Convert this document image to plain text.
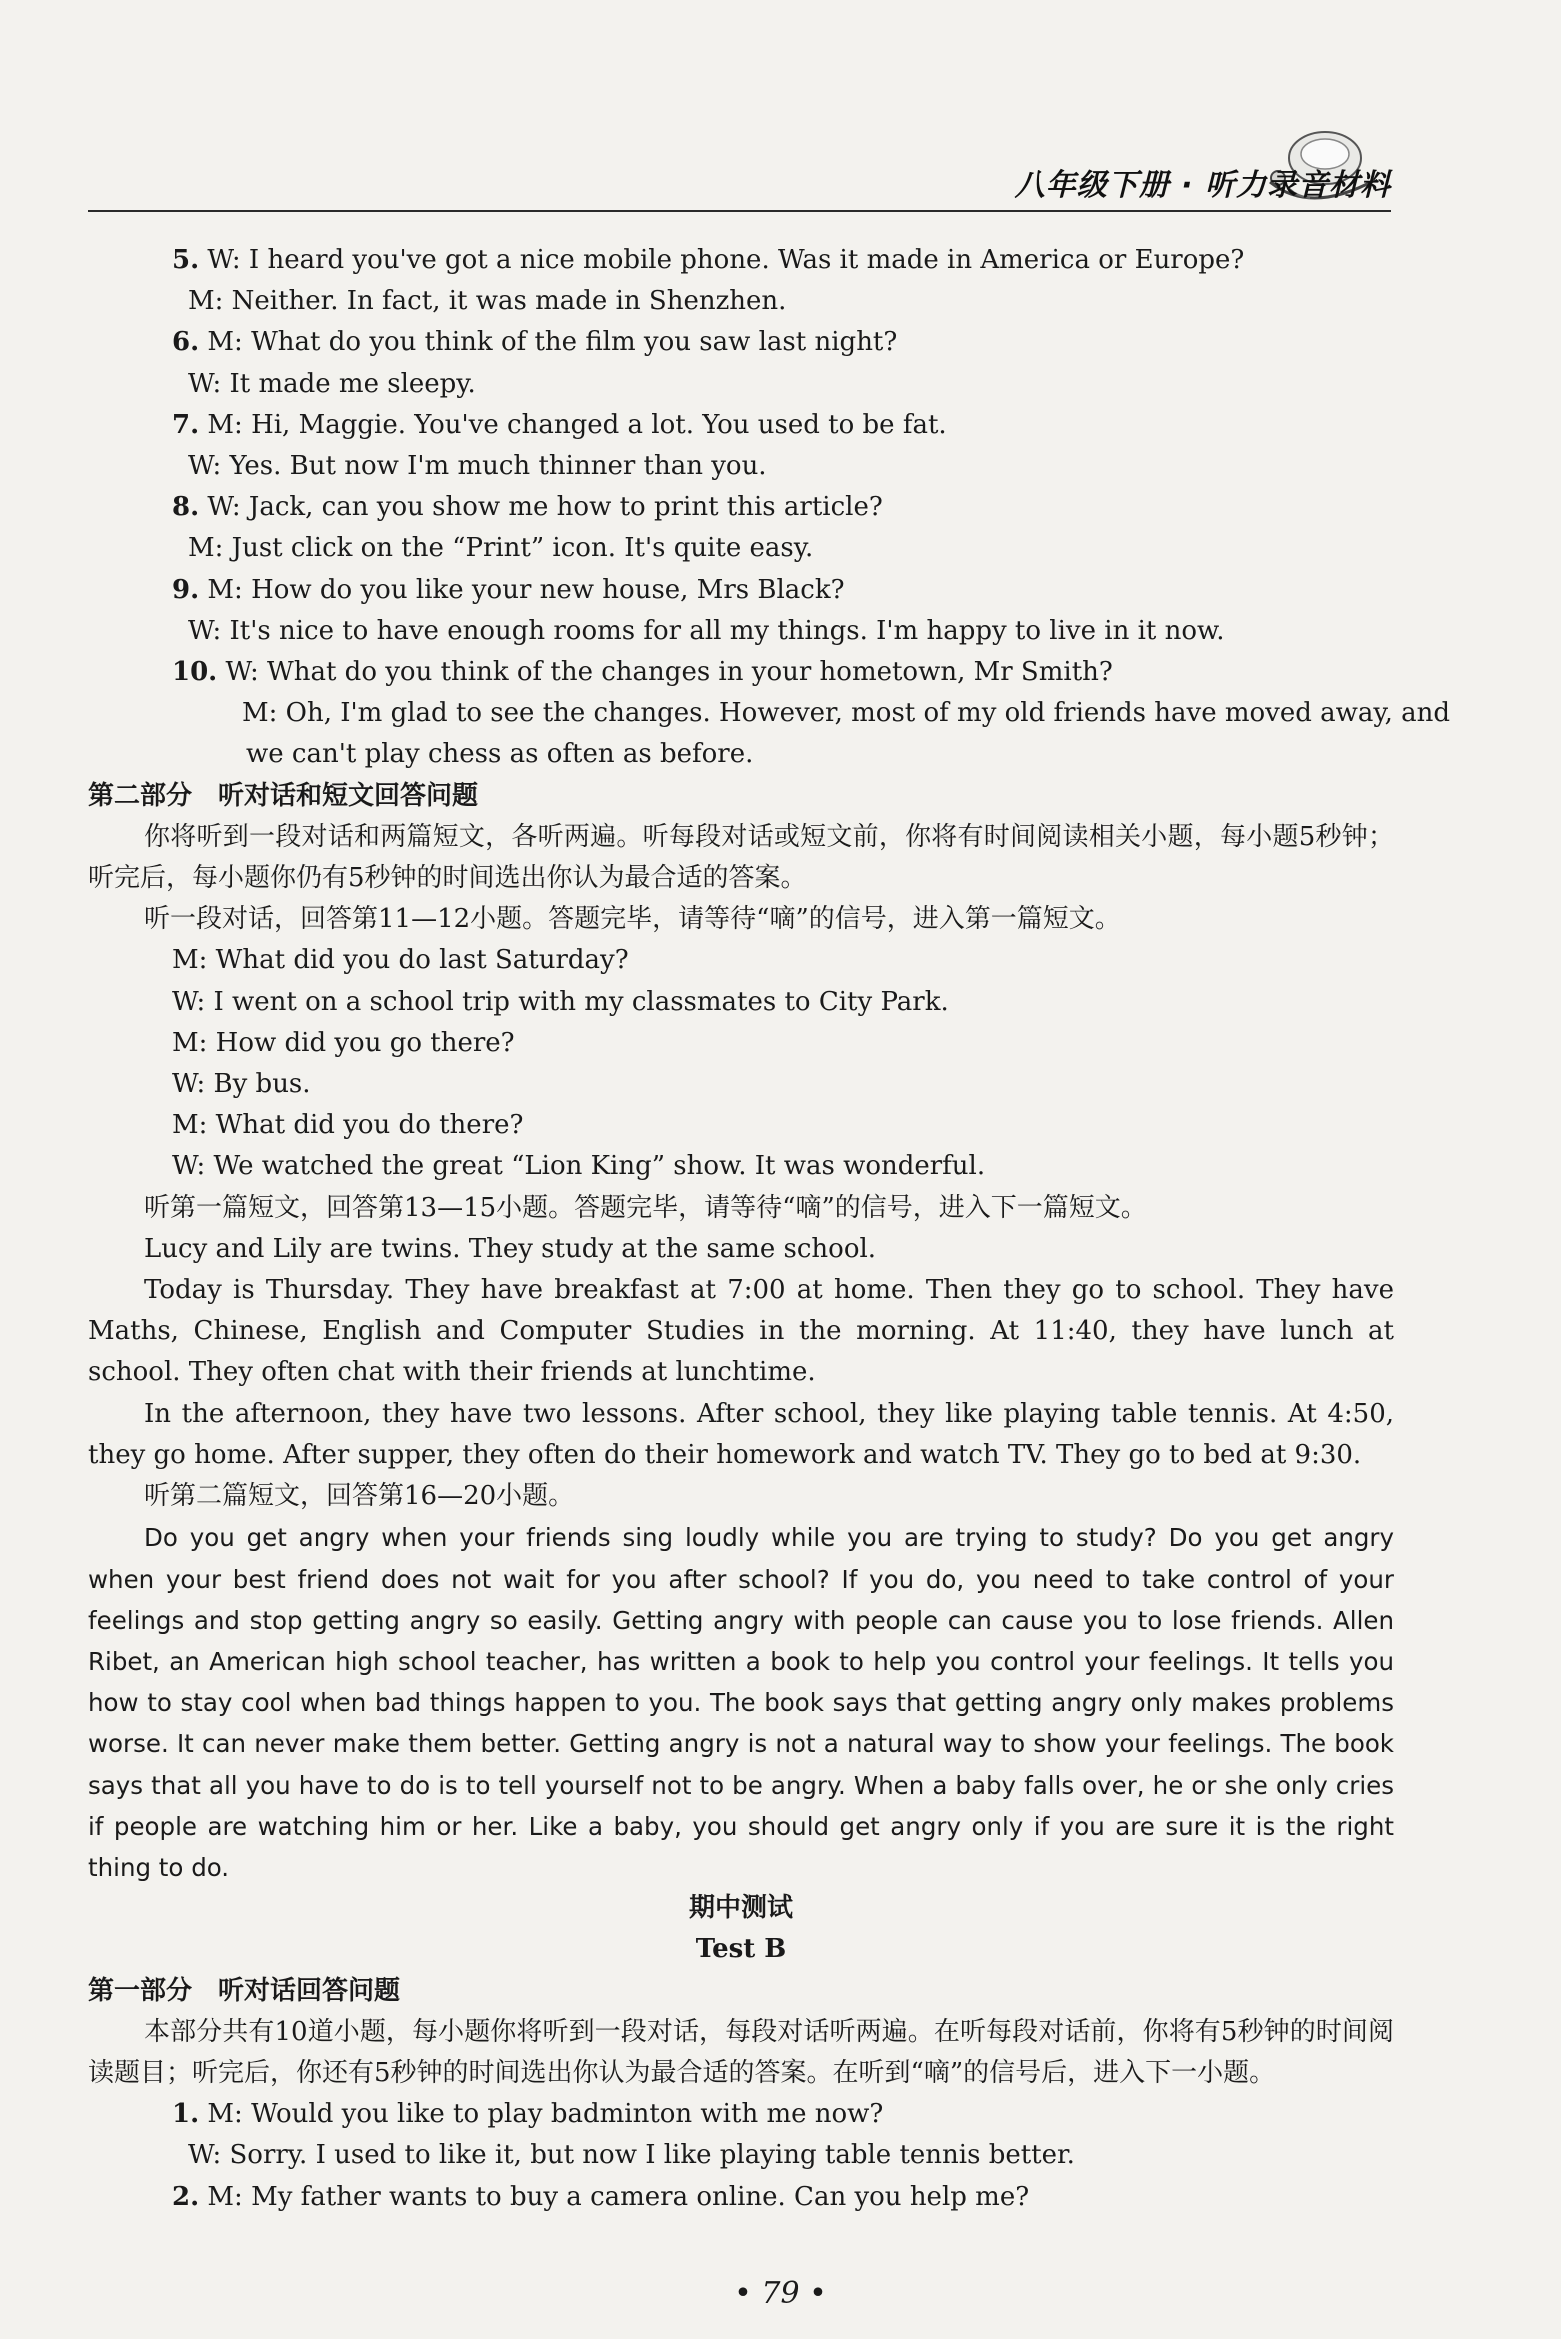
八年级下册 · 听力录音材料
5. W: I heard you've got a nice mobile phone. Was it made in America or Europe?
M: Neither. In fact, it was made in Shenzhen.
6. M: What do you think of the film you saw last night?
W: It made me sleepy.
7. M: Hi, Maggie. You've changed a lot. You used to be fat.
W: Yes. But now I'm much thinner than you.
8. W: Jack, can you show me how to print this article?
M: Just click on the “Print” icon. It's quite easy.
9. M: How do you like your new house, Mrs Black?
W: It's nice to have enough rooms for all my things. I'm happy to live in it now.
10. W: What do you think of the changes in your hometown, Mr Smith?
M: Oh, I'm glad to see the changes. However, most of my old friends have moved away, and
we can't play chess as often as before.
第二部分　听对话和短文回答问题

你将听到一段对话和两篇短文，各听两遍。听每段对话或短文前，你将有时间阅读相关小题，每小题5秒钟；听完后，每小题你仍有5秒钟的时间选出你认为最合适的答案。

听一段对话，回答第11—12小题。答题完毕，请等待“嘀”的信号，进入第一篇短文。

M: What did you do last Saturday?
W: I went on a school trip with my classmates to City Park.
M: How did you go there?
W: By bus.
M: What did you do there?
W: We watched the great “Lion King” show. It was wonderful.

听第一篇短文，回答第13—15小题。答题完毕，请等待“嘀”的信号，进入下一篇短文。

Lucy and Lily are twins. They study at the same school.

Today is Thursday. They have breakfast at 7:00 at home. Then they go to school. They have Maths, Chinese, English and Computer Studies in the morning. At 11:40, they have lunch at school. They often chat with their friends at lunchtime.

In the afternoon, they have two lessons. After school, they like playing table tennis. At 4:50, they go home. After supper, they often do their homework and watch TV. They go to bed at 9:30.

听第二篇短文，回答第16—20小题。

Do you get angry when your friends sing loudly while you are trying to study? Do you get angry when your best friend does not wait for you after school? If you do, you need to take control of your feelings and stop getting angry so easily. Getting angry with people can cause you to lose friends. Allen Ribet, an American high school teacher, has written a book to help you control your feelings. It tells you how to stay cool when bad things happen to you. The book says that getting angry only makes problems worse. It can never make them better. Getting angry is not a natural way to show your feelings. The book says that all you have to do is to tell yourself not to be angry. When a baby falls over, he or she only cries if people are watching him or her. Like a baby, you should get angry only if you are sure it is the right thing to do.

期中测试
Test B
第一部分　听对话回答问题

本部分共有10道小题，每小题你将听到一段对话，每段对话听两遍。在听每段对话前，你将有5秒钟的时间阅读题目；听完后，你还有5秒钟的时间选出你认为最合适的答案。在听到“嘀”的信号后，进入下一小题。

1. M: Would you like to play badminton with me now?
W: Sorry. I used to like it, but now I like playing table tennis better.
2. M: My father wants to buy a camera online. Can you help me?
• 79 •
